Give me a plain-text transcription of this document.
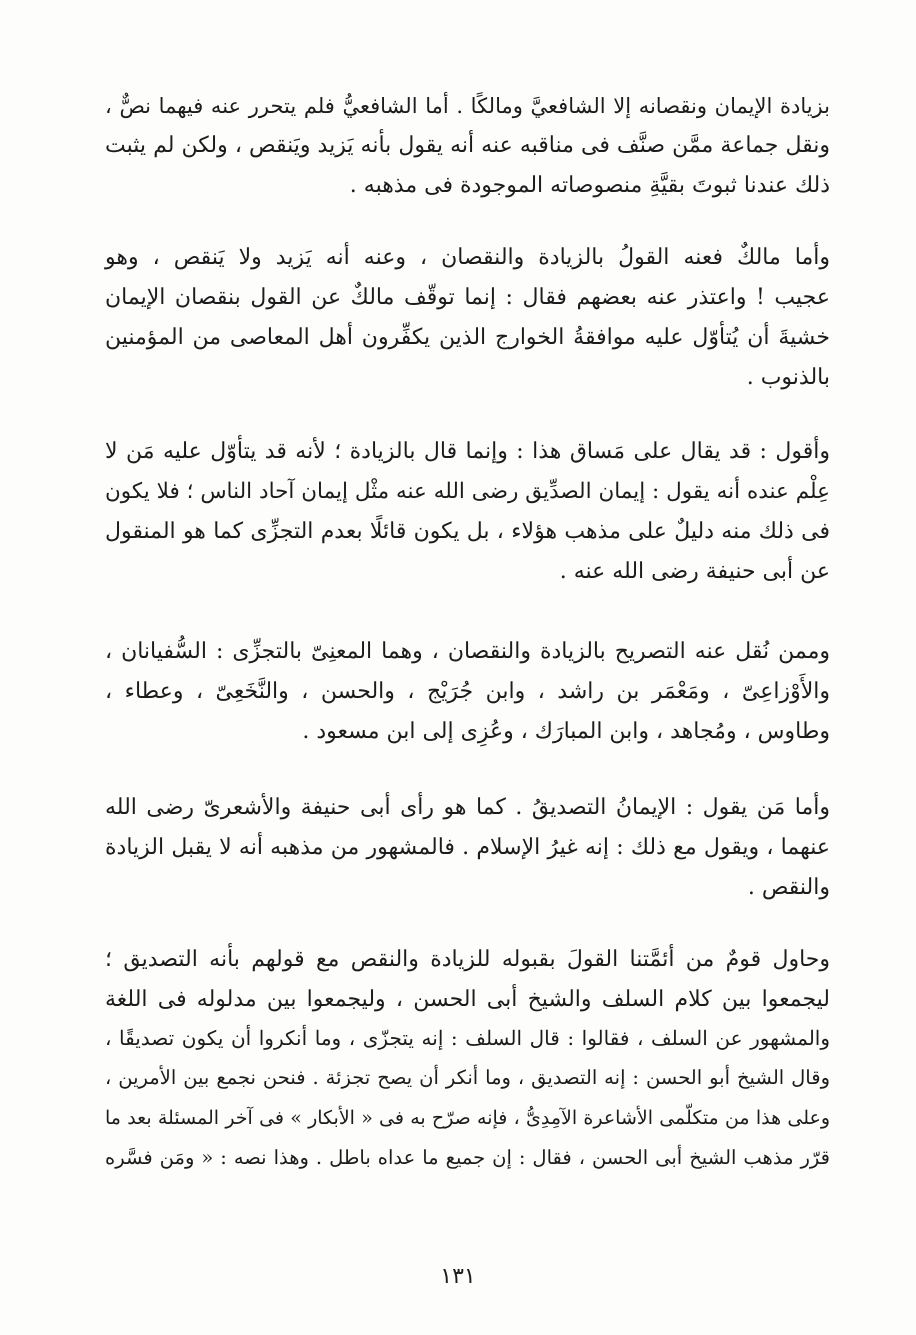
بزيادة الإيمان ونقصانه إلا الشافعيَّ ومالكًا . أما الشافعيُّ فلم يتحرر عنه فيهما نصٌّ ،
ونقل جماعة ممَّن صنَّف فى مناقبه عنه أنه يقول بأنه يَزيد ويَنقص ، ولكن لم يثبت
ذلك عندنا ثبوتَ بقيَّةِ منصوصاته الموجودة فى مذهبه .
وأما مالكٌ فعنه القولُ بالزيادة والنقصان ، وعنه أنه يَزيد ولا يَنقص ، وهو
عجيب ! واعتذر عنه بعضهم فقال : إنما توقّف مالكٌ عن القول بنقصان الإيمان
خشيةَ أن يُتأوّل عليه موافقةُ الخوارج الذين يكفِّرون أهل المعاصى من المؤمنين
بالذنوب .
وأقول : قد يقال على مَساق هذا : وإنما قال بالزيادة ؛ لأنه قد يتأوّل عليه مَن لا
عِلْم عنده أنه يقول : إيمان الصدِّيق رضى الله عنه مثْل إيمان آحاد الناس ؛ فلا يكون
فى ذلك منه دليلٌ على مذهب هؤلاء ، بل يكون قائلًا بعدم التجزِّى كما هو المنقول
عن أبى حنيفة رضى الله عنه .
وممن نُقل عنه التصريح بالزيادة والنقصان ، وهما المعنِىّ بالتجزِّى : السُّفيانان ،
والأَوْزاعِىّ ، ومَعْمَر بن راشد ، وابن جُرَيْج ، والحسن ، والنَّخَعِىّ ، وعطاء ،
وطاوس ، ومُجاهد ، وابن المبارَك ، وعُزِى إلى ابن مسعود .
وأما مَن يقول : الإيمانُ التصديقُ . كما هو رأى أبى حنيفة والأشعرىّ رضى الله
عنهما ، ويقول مع ذلك : إنه غيرُ الإسلام . فالمشهور من مذهبه أنه لا يقبل الزيادة
والنقص .
وحاول قومٌ من أئمَّتنا القولَ بقبوله للزيادة والنقص مع قولهم بأنه التصديق ؛
ليجمعوا بين كلام السلف والشيخ أبى الحسن ، وليجمعوا بين مدلوله فى اللغة
والمشهور عن السلف ، فقالوا : قال السلف : إنه يتجزّى ، وما أنكروا أن يكون تصديقًا ،
وقال الشيخ أبو الحسن : إنه التصديق ، وما أنكر أن يصح تجزئة . فنحن نجمع بين الأمرين ،
وعلى هذا من متكلّمى الأشاعرة الآمِدِىُّ ، فإنه صرّح به فى « الأبكار » فى آخر المسئلة بعد ما
قرّر مذهب الشيخ أبى الحسن ، فقال : إن جميع ما عداه باطل . وهذا نصه : « ومَن فسَّره
١٣١
